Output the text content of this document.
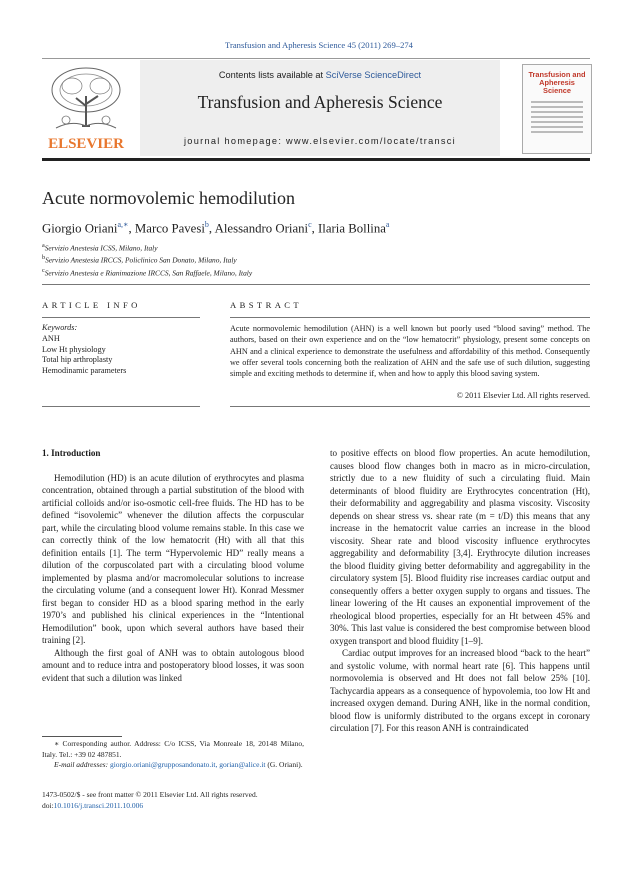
Transfusion and Apheresis Science 45 (2011) 269–274
ELSEVIER
Contents lists available at SciVerse ScienceDirect
Transfusion and Apheresis Science
journal homepage: www.elsevier.com/locate/transci
Transfusion and Apheresis Science
Acute normovolemic hemodilution
Giorgio Oriani$^{a,∗}$, Marco Pavesi$^b$, Alessandro Oriani$^c$, Ilaria Bollina$^a$
$^a$Servizio Anestesia ICSS, Milano, Italy
$^b$Servizio Anestesia IRCCS, Policlinico San Donato, Milano, Italy
$^c$Servizio Anestesia e Rianimazione IRCCS, San Raffaele, Milano, Italy
ARTICLE INFO	ABSTRACT
Keywords:
ANH
Low Ht physiology
Total hip arthroplasty
Hemodinamic parameters
Acute normovolemic hemodilution (AHN) is a well known but poorly used “blood saving” method. The authors, based on their own experience and on the “low hematocrit” physiology, present some concepts on AHN and a clinical experience to demonstrate the usefulness and affordability of this method. Consequently we offer several tools concerning both the realization of AHN and the safe use of such dilution, suggesting simple and exciting methods to determine if, when and how to apply this blood saving system.
© 2011 Elsevier Ltd. All rights reserved.
1. Introduction

Hemodilution (HD) is an acute dilution of erythrocytes and plasma concentration, obtained through a partial substitution of the blood with artificial colloids and/or iso-osmotic cell-free fluids. The HD has to be defined “isovolemic” whenever the dilution affects the corpuscular part, while the circulating blood volume remains stable. In this case we can correctly think of the low hematocrit (Ht) with all that this definition entails [1]. The term “Hypervolemic HD” really means a dilution of the corpuscolated part with a circulating blood volume implemented by plasma and/or macromolecular solutions to increase the circulating volume (and a consequent lower Ht). Konrad Messmer first began to consider HD as a blood sparing method in the early 1970’s and published his clinical experiences in the “Intentional Hemodilution” book, upon which several authors have based their training [2].

Although the first goal of ANH was to obtain autologous blood amount and to reduce intra and postoperatory blood losses, it was soon evident that such a dilution was linked

to positive effects on blood flow properties. An acute hemodilution, causes blood flow changes both in macro as in micro-circulation, strictly due to a new fluidity of such a circulating fluid. Main determinants of blood fluidity are Erythrocytes concentration (Ht), their deformability and aggregability and plasma viscosity. Viscosity depends on shear stress vs. shear rate (m = t/D) this means that any increase in the hematocrit value carries an increase in the blood viscosity. Shear rate and blood viscosity influence erythrocytes aggregability and deformability [3,4]. Erythrocyte dilution increases the blood fluidity giving better deformability and aggregability in the circulatory system [5]. Blood fluidity rise increases cardiac output and consequently offers a better oxygen supply to organs and tissues. The linear lowering of the Ht causes an exponential improvement of the rheological blood properties, especially for an Ht between 45% and 30%. This last value is considered the best compromise between blood oxygen transport and blood fluidity [1–9].

Cardiac output improves for an increased blood “back to the heart” and systolic volume, with normal heart rate [6]. This happens until normovolemia is observed and Ht does not fall below 25% [10]. Tachycardia appears as a consequence of hypovolemia, too low Ht and increased oxygen demand. During ANH, like in the normal condition, blood flow is uniformly distributed to the organs except in coronary circulation [7]. For this reason ANH is contraindicated

∗ Corresponding author. Address: C/o ICSS, Via Monreale 18, 20148 Milano, Italy. Tel.: +39 02 487851.

E-mail addresses: giorgio.oriani@grupposandonato.it, gorian@alice.it (G. Oriani).

1473-0502/$ - see front matter © 2011 Elsevier Ltd. All rights reserved.
doi:10.1016/j.transci.2011.10.006
